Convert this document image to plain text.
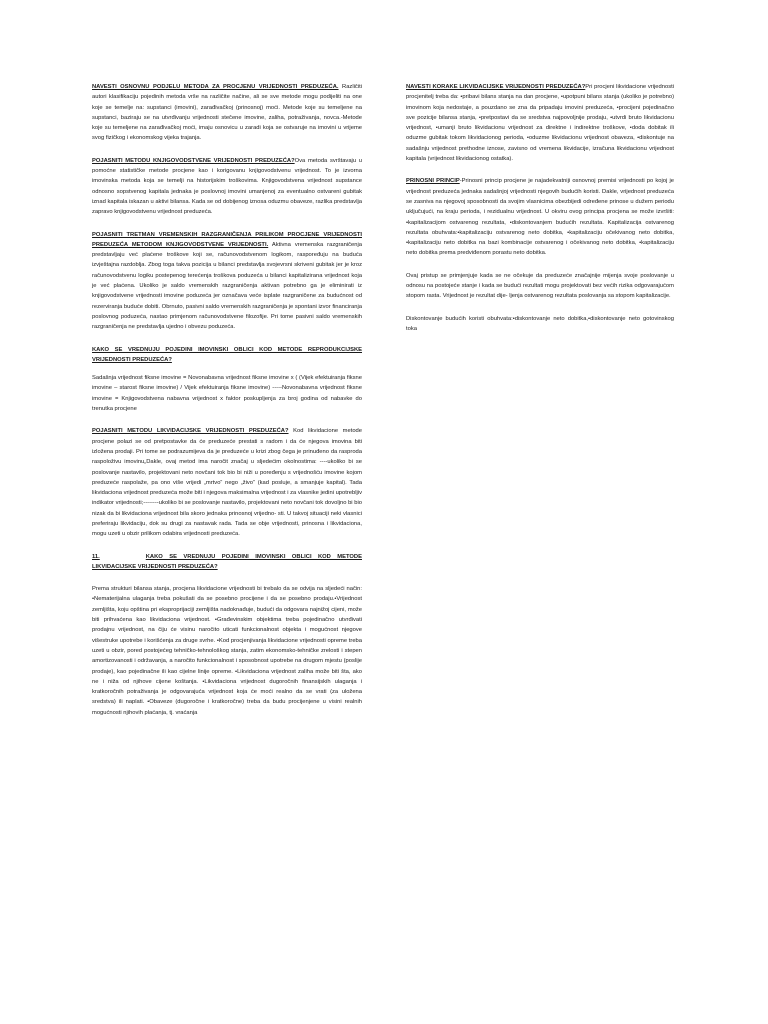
NAVESTI OSNOVNU PODJELU METODA ZA PROCJENU VRIJEDNOSTI PREDUZEĆA. Različiti autori klasifikaciju pojedinih metoda vrše na različite načine, ali se sve metode mogu podijeliti na one koje se temelje na: supstanci (imovini), zarađivačkoj (prinosnoj) moći. Metode koje su temeljene na supstanci, baziraju se na utvrđivanju vrijednosti stečene imovine, zaliha, potraživanja, novca.-Metode koje su temeljene na zarađivačkoj moći, imaju osnovicu u zaradi koja se ostvaruje na imovini u vrijeme svog fizičkog i ekonomskog vijeka trajanja.

POJASNITI METODU KNJIGOVODSTVENE VRIJEDNOSTI PREDUZEĆA?Ova metoda svrštavaju u pomoćne statističke metode procjene kao i korigovanu knjigovodstvenu vrijednost. To je izvorna imovinska metoda koja se temelji na historijskim troškovima. Knjigovodstvena vrijednost supstance odnosno sopstvenog kapitala jednaka je poslovnoj imovini umanjenoj za eventualno ostvareni gubitak iznad kapitala iskazan u aktivi bilansa. Kada se od dobijenog iznosa oduzmu obaveze, razlika predstavlja zapravo knjigovodstvenu vrijednost preduzeća.

POJASNITI TRETMAN VREMENSKIH RAZGRANIČENJA PRILIKOM PROCJENE VRIJEDNOSTI PREDUZEĆA METODOM KNJIGOVODSTVENE VRIJEDNOSTI. Aktivna vremenska razgraničenja predstavljaju već plaćene troškove koji se, računovodstvenom logikom, raspoređuju na buduća izvještajna razdoblja. Zbog toga takva pozicija u bilanci predstavlja svojevrsni skriveni gubitak jer je kroz računovodstvenu logiku postepenog terećenja troškova poduzeća u bilanci kapitalizirana vrijednost koja je već plaćena. Ukoliko je saldo vremenskih razgraničenja aktivan potrebno ga je eliminirati iz knjigovodstvene vrijednosti imovine poduzeća jer označava veće isplate razgraničene za budućnost od rezerviranja buduće dobiti. Obrnuto, pasivni saldo vremenskih razgraničenja je spontani izvor financiranja poslovnog poduzeća, nastao primjenom računovodstvene filozofije. Pri tome pasivni saldo vremenskih razgraničenja ne predstavlja ujedno i obvezu poduzeća.

KAKO SE VREDNUJU POJEDINI IMOVINSKI OBLICI KOD METODE REPRODUKCIJSKE VRIJEDNOSTI PREDUZEĆA?
Sadašnja vrijednost fiksne imovine = Novonabavna vrijednost fiksne imovine x ( (Vijek efektuiranja fiksne imovine – starost fiksne imovine) / Vijek efektuiranja fiksne imovine) -----Novonabavna vrijednost fiksne imovine = Knjigovodstvena nabavna vrijednost x faktor poskupljenja za broj godina od nabavke do trenutka procjene

POJASNITI METODU LIKVIDACIJSKE VRIJEDNOSTI PREDUZEĆA? Kod likvidacione metode procjene polazi se od pretpostavke da će preduzeće prestati s radom i da će njegova imovina biti izložena prodaji. Pri tome se podrazumijeva da je preduzeće u krizi zbog čega je prinuđeno da rasproda raspoloživu imovinu„Dakle, ovaj metod ima naročit značaj u sljedećim okolnostima: ----ukoliko bi se poslovanje nastavilo, projektovani neto novčani tok bio bi niži u poređenju s vrijednošću imovine kojom preduzeće raspolaže, pa ono više vrijedi „mrtvo“ nego „živo“ (kad posluje, a smanjuje kapital). Tada likvidaciona vrijednost preduzeća može biti i njegova maksimalna vrijednost i za vlasnike jedini upotrebljiv indikator vrijednosti;--------ukoliko bi se poslovanje nastavilo, projektovani neto novčani tok dovoljno bi bio nizak da bi likvidaciona vrijednost bila skoro jednaka prinosnoj vrijedno- sti. U takvoj situaciji neki vlasnici preferiraju likvidaciju, dok su drugi za nastavak rada. Tada se obje vrijednosti, prinosna i likvidaciona, mogu uzeti u obzir prilikom odabira vrijednosti preduzeća.

11.	KAKO SE VREDNUJU POJEDINI IMOVINSKI OBLICI KOD METODE LIKVIDACIJSKE VRIJEDNOSTI PREDUZEĆA?

Prema strukturi bilansa stanja, procjena likvidacione vrijednosti bi trebalo da se odvija na sljedeći način: •Nematerijalna ulaganja treba pokušati da se posebno procijene i da se posebno prodaju.•Vrijednost zemljišta, koju opština pri eksproprijaciji zemljišta nadoknađuje, budući da odgovara najnižoj cijeni, može biti prihvaćena kao likvidaciona vrijednost. •Građevinskim objektima treba pojedinačno utvrđivati prodajnu vrijednost, na čiju će visinu naročito uticati funkcionalnost objekta i mogućnost njegove višestruke upotrebe i korišćenja za druge svrhe. •Kod procjenjivanja likvidacione vrijednosti opreme treba uzeti u obzir, pored postojećeg tehničko-tehnološkog stanja, zatim ekonomsko-tehničke zrelosti i stepen amortizovanosti i održavanja, a naročito funkcionalnost i sposobnost upotrebe na drugom mjestu (poslije prodaje), kao pojedinačne ili kao cijelne linije opreme. •Likvidaciona vrijednost zaliha može biti šta, ako ne i niža od njihove cijene koštanja. •Likvidaciona vrijednost dugoročnih finansijskih ulaganja i kratkoročnih potraživanja je odgovarajuća vrijednost koja će moći realno da se vrati (za uložena sredstva) ili naplati. •Obaveze (dugoročne i kratkoročne) treba da budu procijenjene u visini realnih mogućnosti njihovih plaćanja, tj. vraćanja

NAVESTI KORAKE LIKVIDACIJSKE VRIJEDNOSTI PREDUZEĆA?Pri procjeni likvidacione vrijednosti procjenitelj treba da: •pribavi bilans stanja na dan procjene, •upotpuni bilans stanja (ukoliko je potrebno) imovinom koja nedostaje, a pouzdano se zna da pripadaju imovini preduzeća, •procijeni pojedinačno sve pozicije bilansa stanja, •pretpostavi da se sredstva najpovoljnije prodaju, •utvrdi bruto likvidacionu vrijednost, •umanji bruto likvidacionu vrijednost za direktne i indirektne troškove, •doda dobitak ili oduzme gubitak tokom likvidacionog perioda, •oduzme likvidacionu vrijednost obaveza, •diskontuje na sadašnju vrijednost prethodne iznose, zavisno od vremena likvidacije, izračuna likvidacionu vrijednost kapitala (vrijednost likvidacionog ostatka).

PRINOSNI PRINCIP-Prinosni princip procjene je najadekvatniji osnovnoj premisi vrijednosti po kojoj je vrijednost preduzeća jednaka sadašnjoj vrijednosti njegovih budućih koristi. Dakle, vrijednost preduzeća se zasniva na njegovoj sposobnosti da svojim vlasnicima obezbijedi određene prinose u dužem periodu uključujući, na kraju perioda, i rezidualnu vrijednost. U okviru ovog principa procjena se može izvršiti: •kapitalizacijom ostvarenog rezultata, •diskontovanjem budućih rezultata. Kapitalizacija ostvarenog rezultata obuhvata:•kapitalizaciju ostvarenog neto dobitka, •kapitalizaciju očekivanog neto dobitka, •kapitalizaciju neto dobitka na bazi kombinacije ostvarenog i očekivanog neto dobitka, •kapitalizaciju neto dobitka prema predviđenom porastu neto dobitka.

Ovaj pristup se primjenjuje kada se ne očekuje da preduzeće značajnije mijenja svoje poslovanje u odnosu na postojeće stanje i kada se budući rezultati mogu projektovati bez većih rizika odgovarajućom stopom rasta. Vrijednost je rezultat dije- ljenja ostvarenog rezultata poslovanja sa stopom kapitalizacije.

Diskontovanje budućih koristi obuhvata:•diskontovanje neto dobitka,•diskontovanje neto gotovinskog toka
